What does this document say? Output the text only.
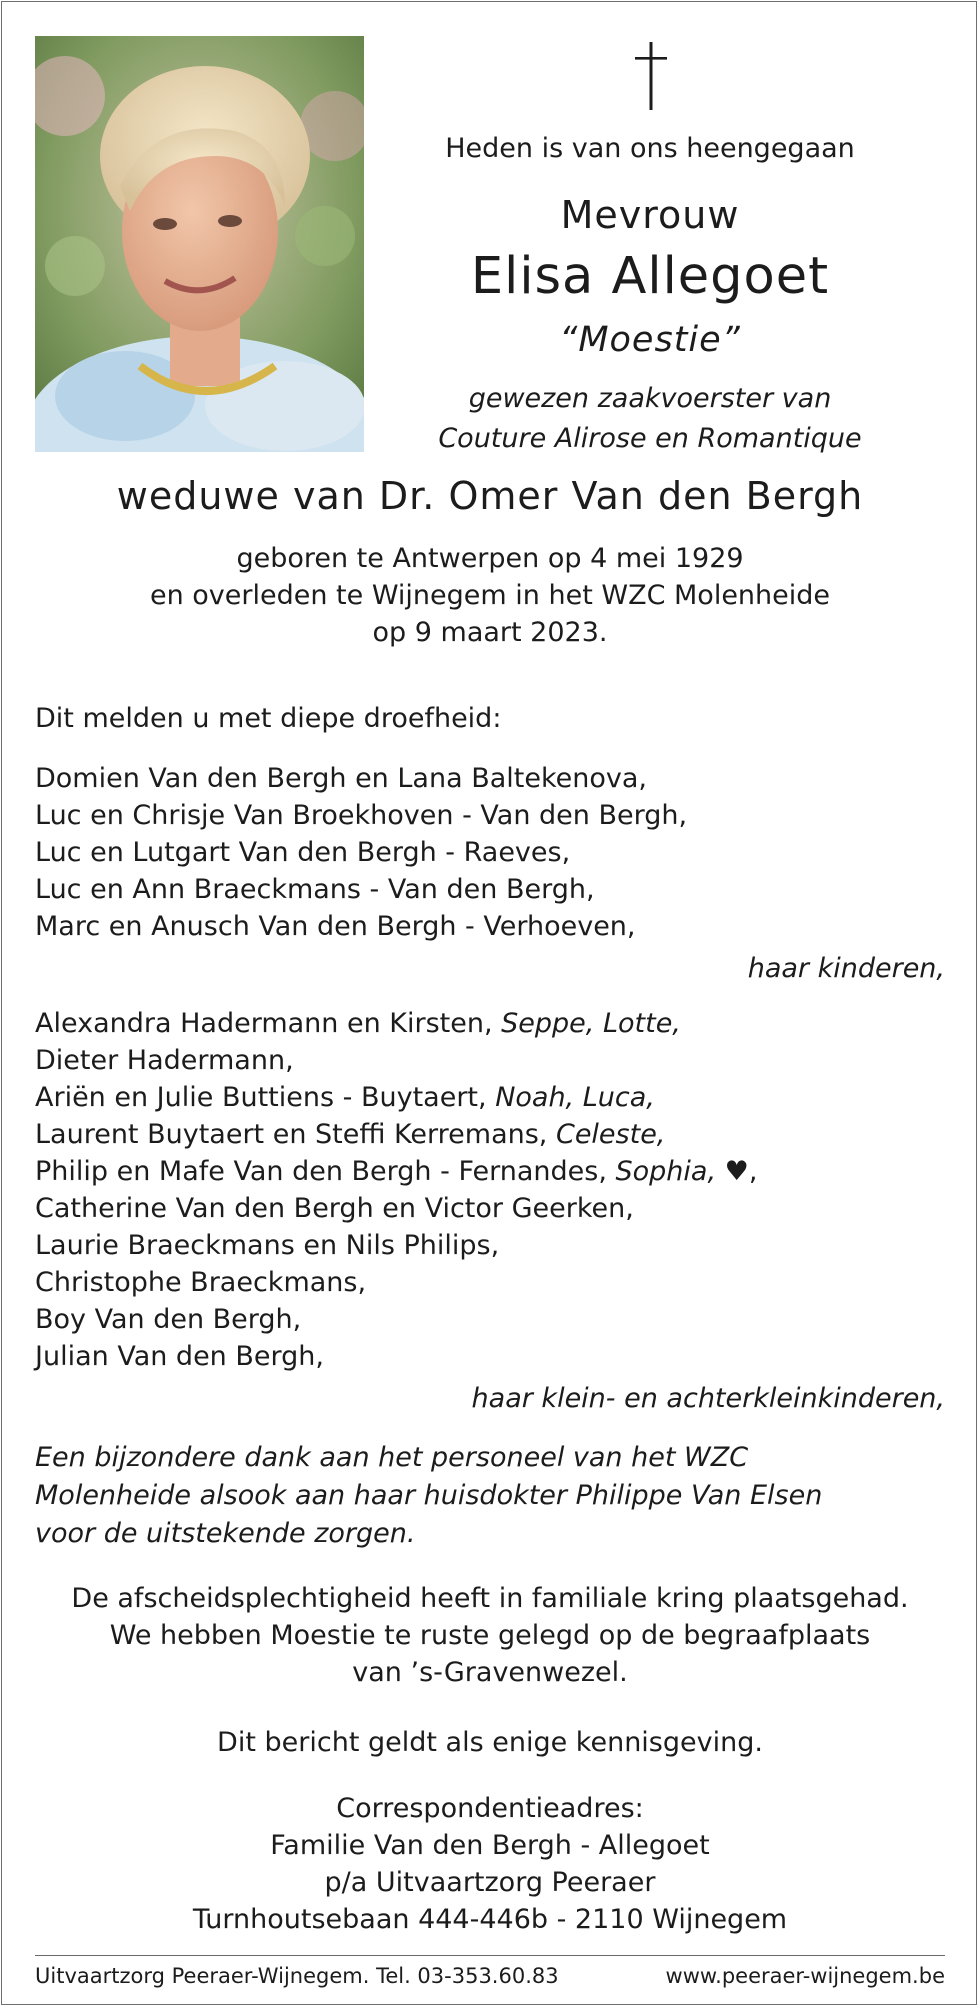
Heden is van ons heengegaan
Mevrouw
Elisa Allegoet
“Moestie”
gewezen zaakvoerster van
Couture Alirose en Romantique
weduwe van Dr. Omer Van den Bergh
geboren te Antwerpen op 4 mei 1929
en overleden te Wijnegem in het WZC Molenheide
op 9 maart 2023.
Dit melden u met diepe droefheid:
Domien Van den Bergh en Lana Baltekenova,
Luc en Chrisje Van Broekhoven - Van den Bergh,
Luc en Lutgart Van den Bergh - Raeves,
Luc en Ann Braeckmans - Van den Bergh,
Marc en Anusch Van den Bergh - Verhoeven,
haar kinderen,
Alexandra Hadermann en Kirsten, Seppe, Lotte,
Dieter Hadermann,
Ariën en Julie Buttiens - Buytaert, Noah, Luca,
Laurent Buytaert en Steffi Kerremans, Celeste,
Philip en Mafe Van den Bergh - Fernandes, Sophia, ♥,
Catherine Van den Bergh en Victor Geerken,
Laurie Braeckmans en Nils Philips,
Christophe Braeckmans,
Boy Van den Bergh,
Julian Van den Bergh,
haar klein- en achterkleinkinderen,
Een bijzondere dank aan het personeel van het WZC
Molenheide alsook aan haar huisdokter Philippe Van Elsen
voor de uitstekende zorgen.
De afscheidsplechtigheid heeft in familiale kring plaatsgehad.
We hebben Moestie te ruste gelegd op de begraafplaats
van ’s-Gravenwezel.
Dit bericht geldt als enige kennisgeving.
Correspondentieadres:
Familie Van den Bergh - Allegoet
p/a Uitvaartzorg Peeraer
Turnhoutsebaan 444-446b - 2110 Wijnegem
Uitvaartzorg Peeraer-Wijnegem. Tel. 03-353.60.83	www.peeraer-wijnegem.be
